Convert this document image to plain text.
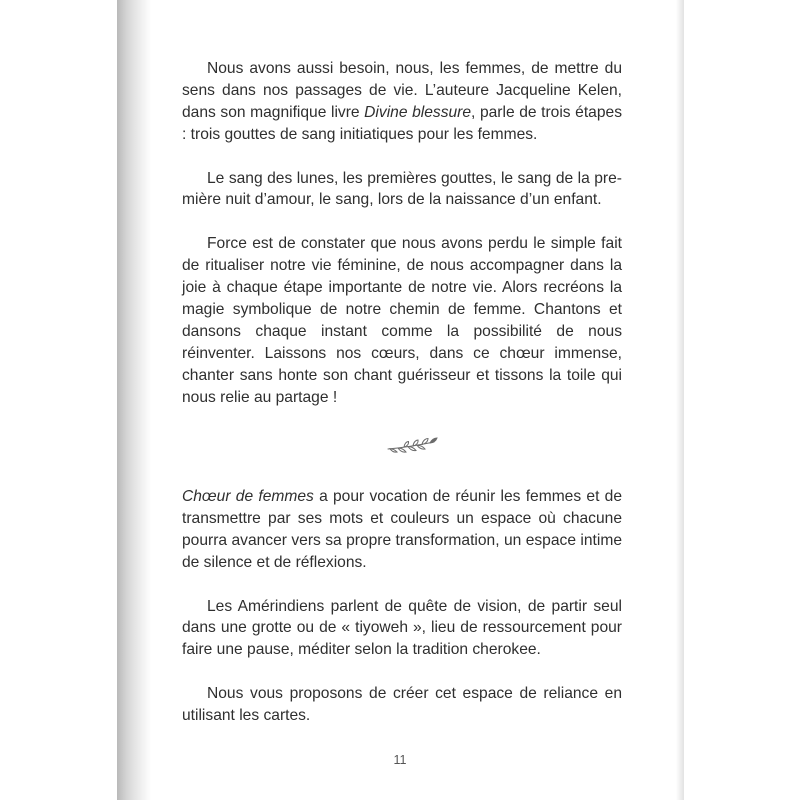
Nous avons aussi besoin, nous, les femmes, de mettre du sens dans nos passages de vie. L’auteure Jacqueline Kelen, dans son magnifique livre Divine blessure, parle de trois étapes : trois gouttes de sang initiatiques pour les femmes.

Le sang des lunes, les premières gouttes, le sang de la première nuit d’amour, le sang, lors de la naissance d’un enfant.

Force est de constater que nous avons perdu le simple fait de ritualiser notre vie féminine, de nous accompagner dans la joie à chaque étape importante de notre vie. Alors recréons la magie symbolique de notre chemin de femme. Chantons et dansons chaque instant comme la possibilité de nous réinventer. Laissons nos cœurs, dans ce chœur immense, chanter sans honte son chant guérisseur et tissons la toile qui nous relie au partage !

Chœur de femmes a pour vocation de réunir les femmes et de transmettre par ses mots et couleurs un espace où chacune pourra avancer vers sa propre transformation, un espace intime de silence et de réflexions.

Les Amérindiens parlent de quête de vision, de partir seul dans une grotte ou de « tiyoweh », lieu de ressourcement pour faire une pause, méditer selon la tradition cherokee.

Nous vous proposons de créer cet espace de reliance en utilisant les cartes.

11
